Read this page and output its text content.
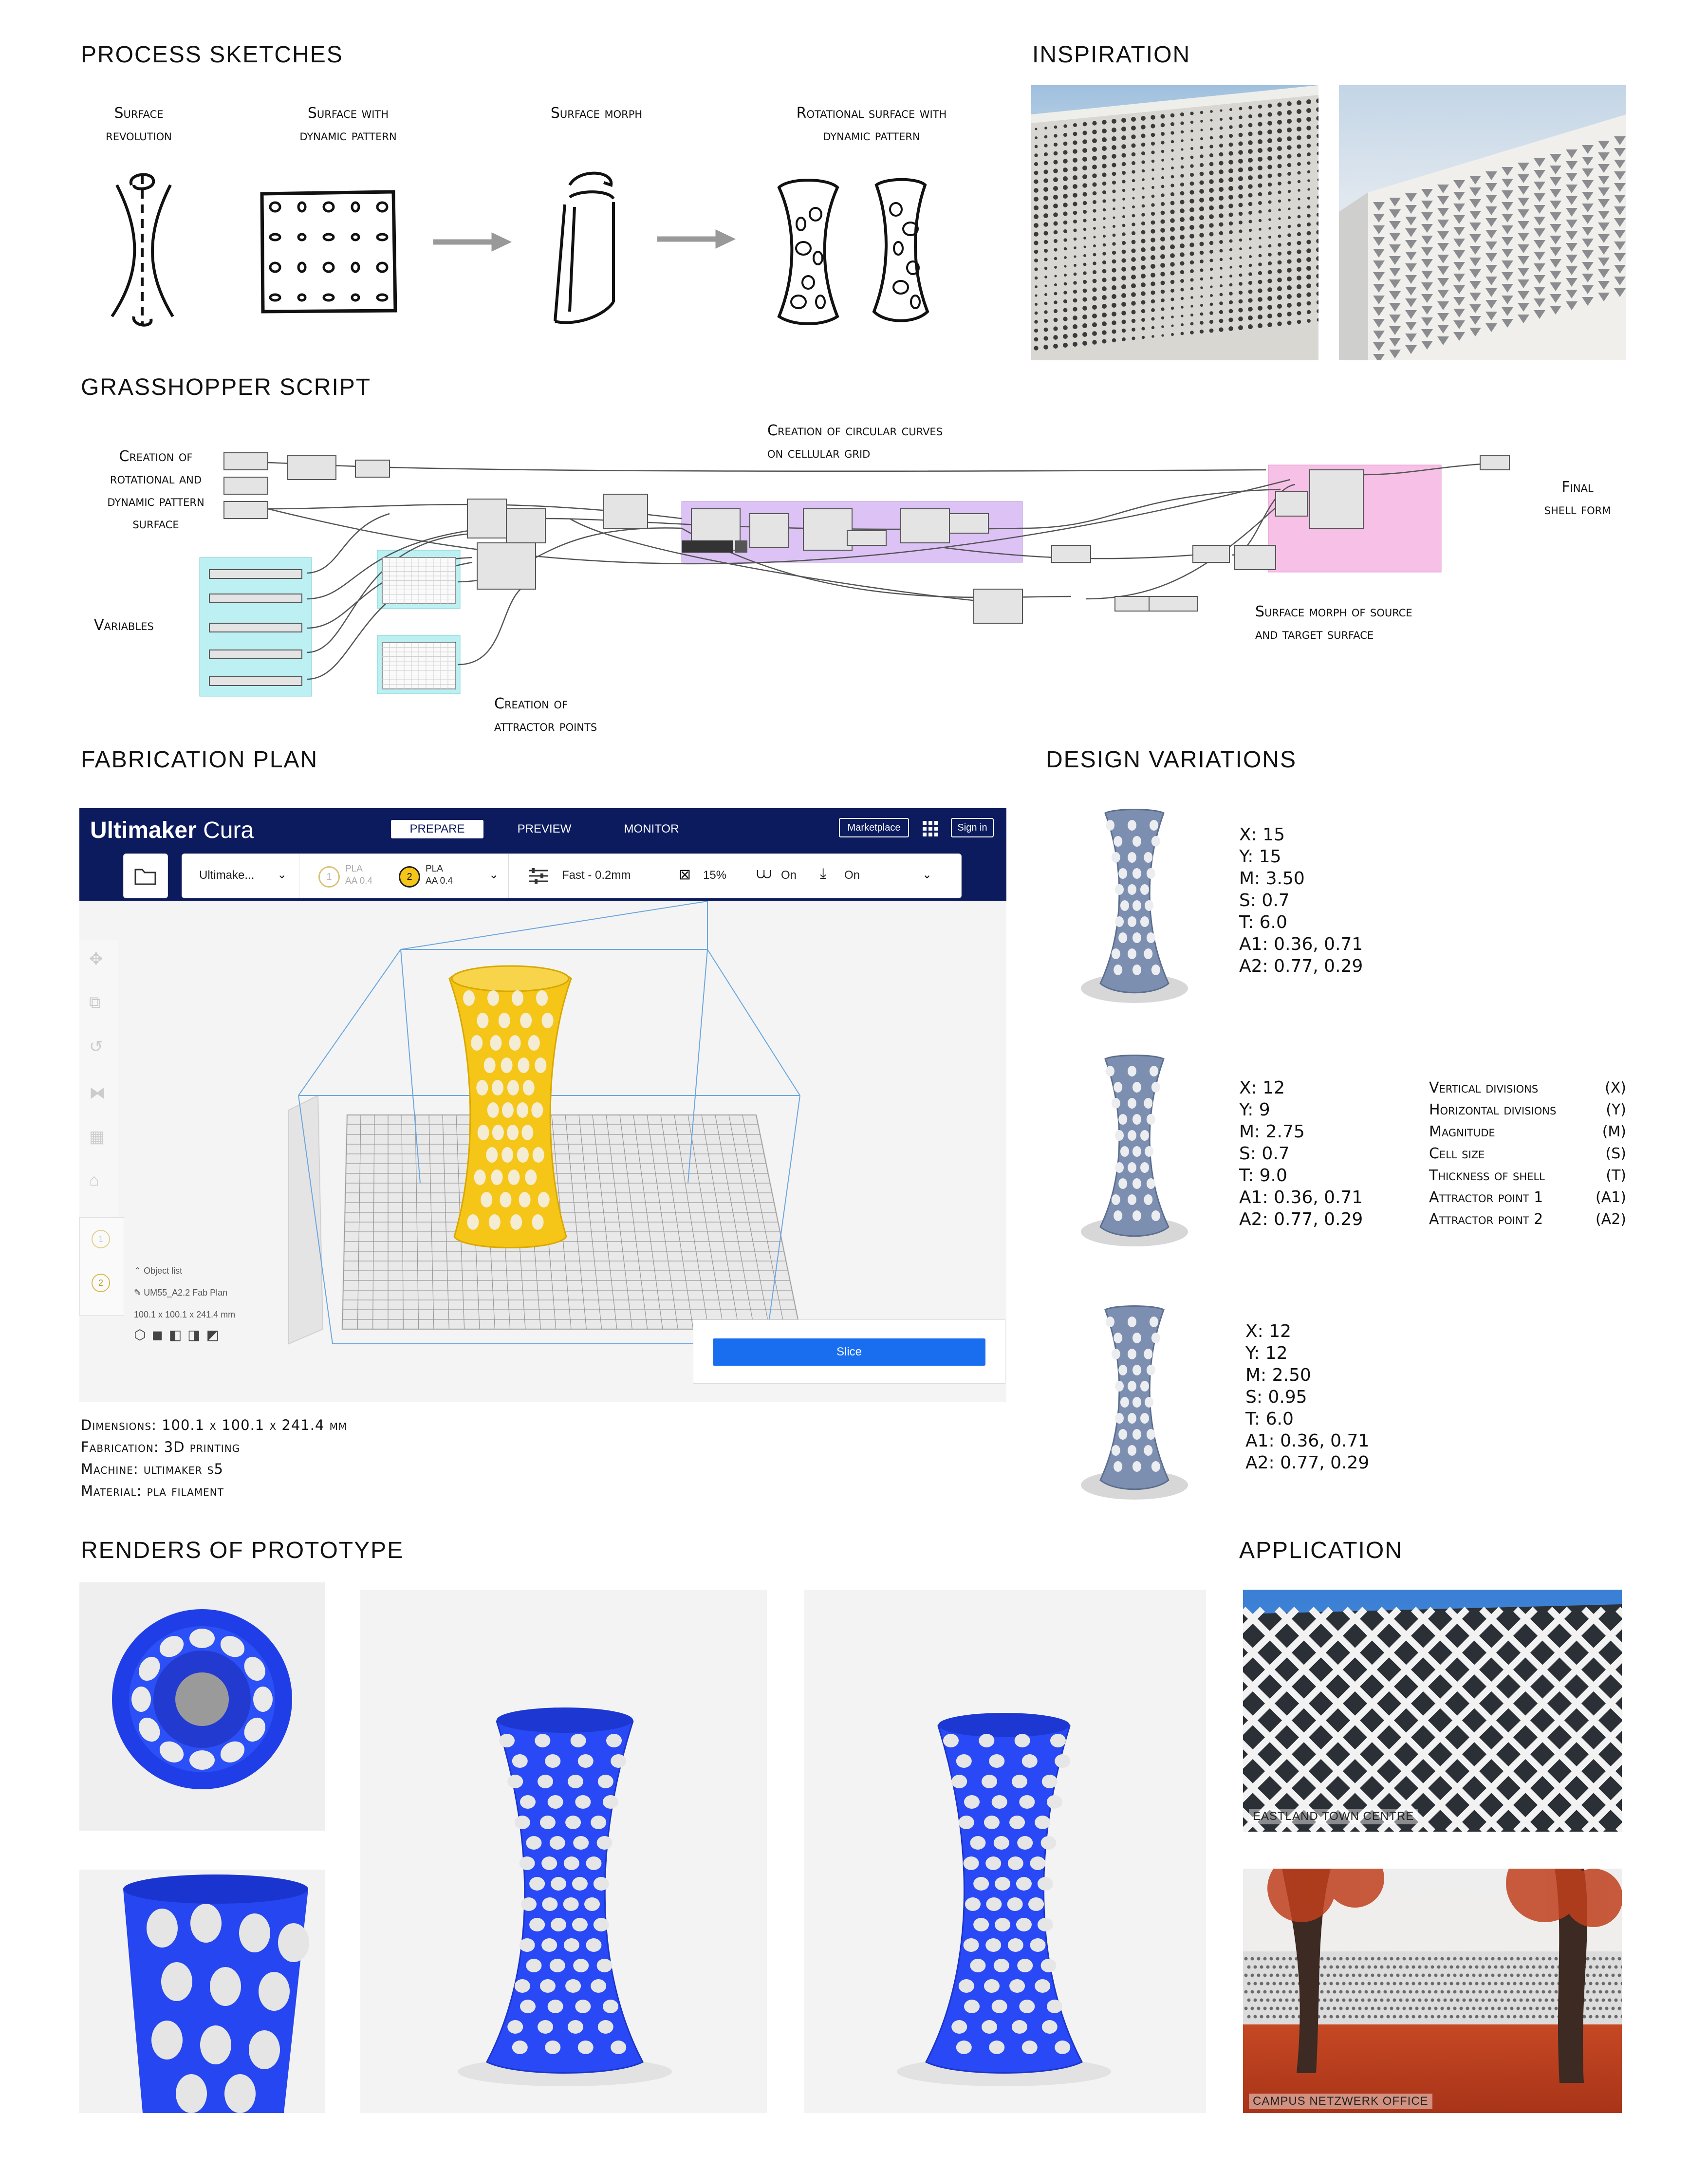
PROCESS SKETCHES	INSPIRATION
GRASSHOPPER SCRIPT
FABRICATION PLAN	DESIGN VARIATIONS
RENDERS OF PROTOTYPE	APPLICATION
Surface
revolution
Surface with
dynamic pattern
Surface morph	Rotational surface with
dynamic pattern
Creation of
rotational and
dynamic pattern
surface
Variables
Creation of circular curves
on cellular grid
Final
shell form
Surface morph of source
and target surface
Creation of
attractor points
Ultimaker Cura	PREPARE	PREVIEW	MONITOR	Marketplace	Sign in
Ultimake... ⌄	1
PLA
AA 0.4	2
PLA
AA 0.4	⌄	Fast - 0.2mm	⊠ 15% ⩊ On ⤓ On	⌄
✥
⧉
↺
⧓
▦
⌂
1
2
⌃ Object list
✎ UM55_A2.2 Fab Plan
100.1 x 100.1 x 241.4 mm
⬡◼◧◨◩
Slice
Dimensions: 100.1 x 100.1 x 241.4 mm
Fabrication: 3D printing
Machine: ultimaker s5
Material: pla filament
X: 15
Y: 15
M: 3.50
S: 0.7
T: 6.0
A1: 0.36, 0.71
A2: 0.77, 0.29
X: 12
Y: 9
M: 2.75
S: 0.7
T: 9.0
A1: 0.36, 0.71
A2: 0.77, 0.29
X: 12
Y: 12
M: 2.50
S: 0.95
T: 6.0
A1: 0.36, 0.71
A2: 0.77, 0.29
Vertical divisions	(X)
Horizontal divisions	(Y)
Magnitude	(M)
Cell size	(S)
Thickness of shell	(T)
Attractor point 1	(A1)
Attractor point 2	(A2)
EASTLAND TOWN CENTRE
CAMPUS NETZWERK OFFICE
